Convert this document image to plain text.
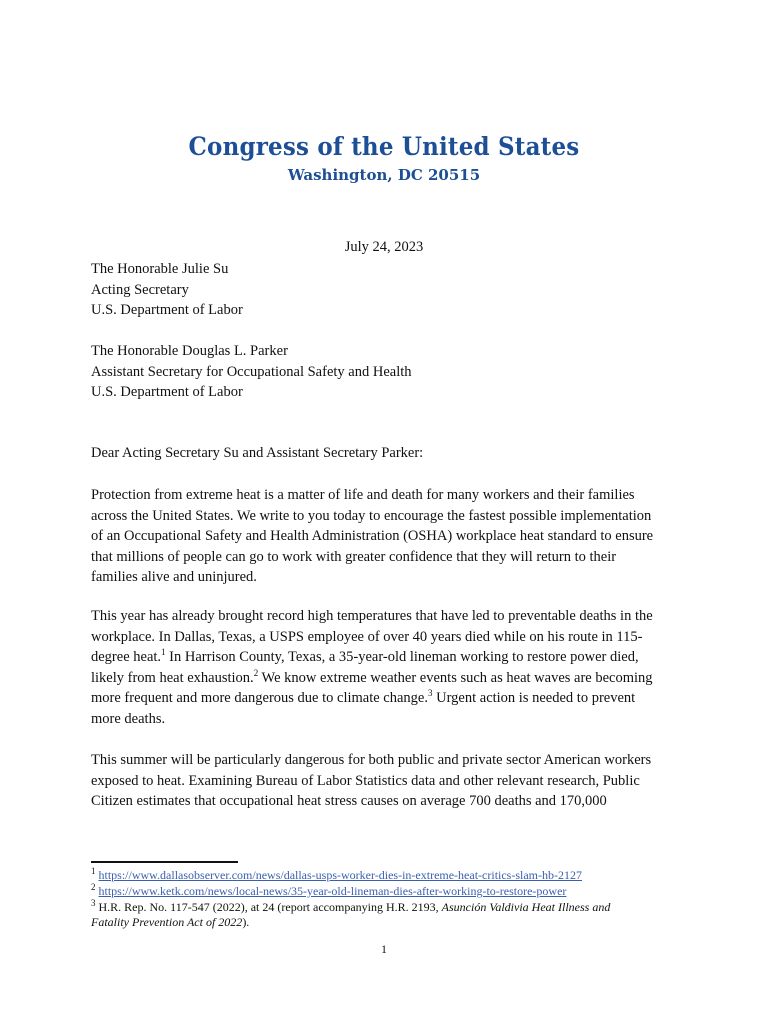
Congress of the United States
Washington, DC 20515
July 24, 2023
The Honorable Julie Su
Acting Secretary
U.S. Department of Labor
The Honorable Douglas L. Parker
Assistant Secretary for Occupational Safety and Health
U.S. Department of Labor
Dear Acting Secretary Su and Assistant Secretary Parker:
Protection from extreme heat is a matter of life and death for many workers and their families
across the United States. We write to you today to encourage the fastest possible implementation
of an Occupational Safety and Health Administration (OSHA) workplace heat standard to ensure
that millions of people can go to work with greater confidence that they will return to their
families alive and uninjured.
This year has already brought record high temperatures that have led to preventable deaths in the
workplace. In Dallas, Texas, a USPS employee of over 40 years died while on his route in 115-
degree heat.$^1$ In Harrison County, Texas, a 35-year-old lineman working to restore power died,
likely from heat exhaustion.$^2$ We know extreme weather events such as heat waves are becoming
more frequent and more dangerous due to climate change.$^3$ Urgent action is needed to prevent
more deaths.
This summer will be particularly dangerous for both public and private sector American workers
exposed to heat. Examining Bureau of Labor Statistics data and other relevant research, Public
Citizen estimates that occupational heat stress causes on average 700 deaths and 170,000
$^1$ https://www.dallasobserver.com/news/dallas-usps-worker-dies-in-extreme-heat-critics-slam-hb-2127
$^2$ https://www.ketk.com/news/local-news/35-year-old-lineman-dies-after-working-to-restore-power
$^3$ H.R. Rep. No. 117-547 (2022), at 24 (report accompanying H.R. 2193, Asunción Valdivia Heat Illness and
Fatality Prevention Act of 2022).
1
